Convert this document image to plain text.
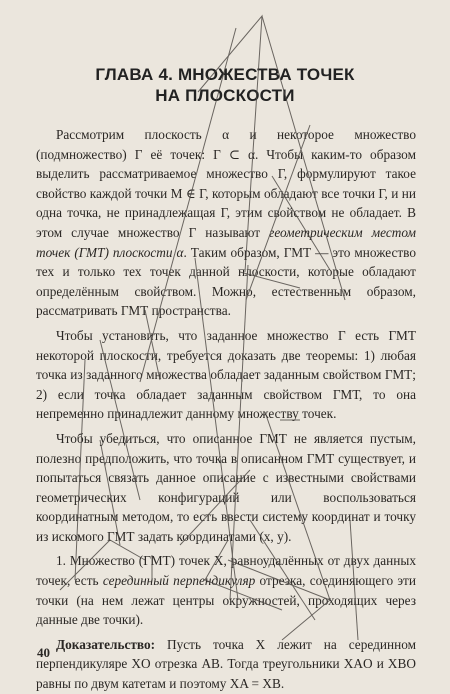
ГЛАВА 4. МНОЖЕСТВА ТОЧЕК
НА ПЛОСКОСТИ

Рассмотрим плоскость α и некоторое множество (подмножество) Г её точек: Г ⊂ α. Чтобы каким-то образом выделить рассматриваемое множество Г, формулируют такое свойство каждой точки М ∈ Г, которым обладают все точки Г, и ни одна точка, не принадлежащая Г, этим свойством не обладает. В этом случае множество Г называют геометрическим местом точек (ГМТ) плоскости α. Таким образом, ГМТ — это множество тех и только тех точек данной плоскости, которые обладают определённым свойством. Можно, естественным образом, рассматривать ГМТ пространства.

Чтобы установить, что заданное множество Г есть ГМТ некоторой плоскости, требуется доказать две теоремы: 1) любая точка из заданного множества обладает заданным свойством ГМТ; 2) если точка обладает заданным свойством ГМТ, то она непременно принадлежит данному множеству точек.

Чтобы убедиться, что описанное ГМТ не является пустым, полезно предположить, что точка в описанном ГМТ существует, и попытаться связать данное описание с известными свойствами геометрических конфигураций или воспользоваться координатным методом, то есть ввести систему координат и точку из искомого ГМТ задать координатами (x, y).

1. Множество (ГМТ) точек X, равноудалённых от двух данных точек, есть серединный перпендикуляр отрезка, соединяющего эти точки (на нем лежат центры окружностей, проходящих через данные две точки).

Доказательство: Пусть точка X лежит на серединном перпендикуляре XO отрезка AB. Тогда треугольники XAO и XBO равны по двум катетам и поэтому XA = XB.

40
